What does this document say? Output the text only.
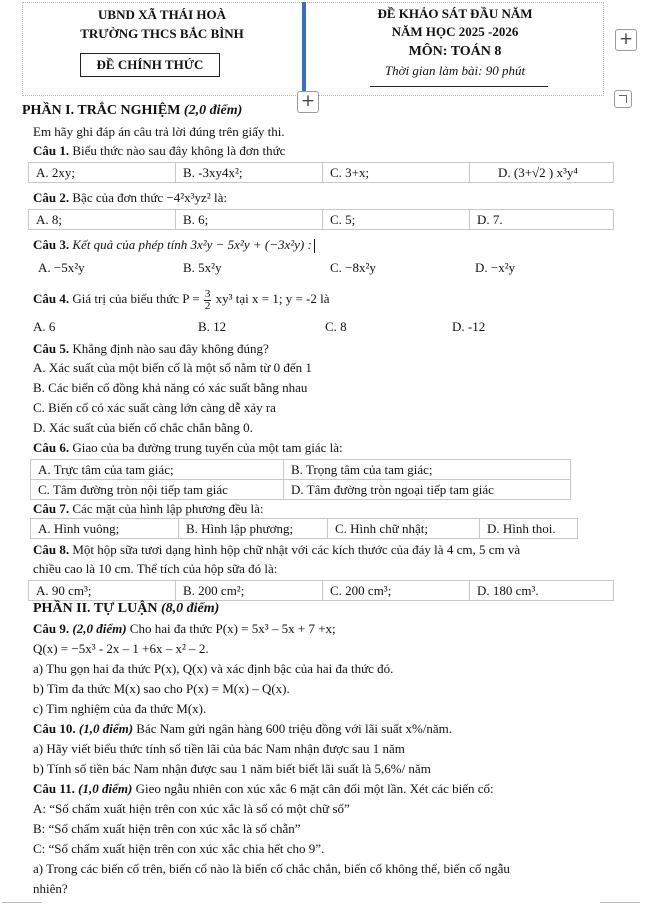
UBND XÃ THÁI HOÀ
TRƯỜNG THCS BẮC BÌNH
ĐỀ CHÍNH THỨC
ĐỀ KHẢO SÁT ĐẦU NĂM
NĂM HỌC 2025 -2026
MÔN: TOÁN 8
Thời gian làm bài: 90 phút
+
+
PHẦN I. TRẮC NGHIỆM (2,0 điểm)
Em hãy ghi đáp án câu trả lời đúng trên giấy thi.
Câu 1. Biểu thức nào sau đây không là đơn thức
A. 2xy;	B. -3xy4x²;	C. 3+x;	D. (3+√2 ) x³y⁴
Câu 2. Bậc của đơn thức −4²x³yz² là:
A. 8;	B. 6;	C. 5;	D. 7.
Câu 3. Kết quả của phép tính 3x²y − 5x²y + (−3x²y) :
A. −5x²y	B. 5x²y	C. −8x²y	D. −x²y
Câu 4. Giá trị của biểu thức $P = \frac{3}{2} xy^3$ tại x = 1; y = -2 là
A. 6	B. 12	C. 8	D. -12
Câu 5. Khẳng định nào sau đây không đúng?
A. Xác suất của một biến cố là một số nằm từ 0 đến 1
B. Các biến cố đồng khả năng có xác suất bằng nhau
C. Biến cố có xác suất càng lớn càng dễ xảy ra
D. Xác suất của biến cố chắc chắn bằng 0.
Câu 6. Giao của ba đường trung tuyến của một tam giác là:
A. Trực tâm của tam giác;	B. Trọng tâm của tam giác;
C. Tâm đường tròn nội tiếp tam giác	D. Tâm đường tròn ngoại tiếp tam giác
Câu 7. Các mặt của hình lập phương đều là:
A. Hình vuông;	B. Hình lập phương;	C. Hình chữ nhật;	D. Hình thoi.
Câu 8. Một hộp sữa tươi dạng hình hộp chữ nhật với các kích thước của đáy là 4 cm, 5 cm và
chiều cao là 10 cm. Thể tích của hộp sữa đó là:
A. 90 cm³;	B. 200 cm²;	C. 200 cm³;	D. 180 cm³.
PHẦN II. TỰ LUẬN (8,0 điểm)
Câu 9. (2,0 điểm) Cho hai đa thức P(x) = 5x³ – 5x + 7 +x;
Q(x) = −5x³ - 2x – 1 +6x – x² – 2.
a) Thu gọn hai đa thức P(x), Q(x) và xác định bậc của hai đa thức đó.
b) Tìm đa thức M(x) sao cho P(x) = M(x) – Q(x).
c) Tìm nghiệm của đa thức M(x).
Câu 10. (1,0 điểm) Bác Nam gửi ngân hàng 600 triệu đồng với lãi suất x%/năm.
a) Hãy viết biểu thức tính số tiền lãi của bác Nam nhận được sau 1 năm
b) Tính số tiền bác Nam nhận được sau 1 năm biết biết lãi suất là 5,6%/ năm
Câu 11. (1,0 điểm) Gieo ngẫu nhiên con xúc xắc 6 mặt cân đối một lần. Xét các biến cố:
A: “Số chấm xuất hiện trên con xúc xắc là số có một chữ số”
B: “Số chấm xuất hiện trên con xúc xắc là số chẵn”
C: “Số chấm xuất hiện trên con xúc xắc chia hết cho 9”.
a) Trong các biến cố trên, biến cố nào là biến cố chắc chắn, biến cố không thể, biến cố ngẫu
nhiên?
